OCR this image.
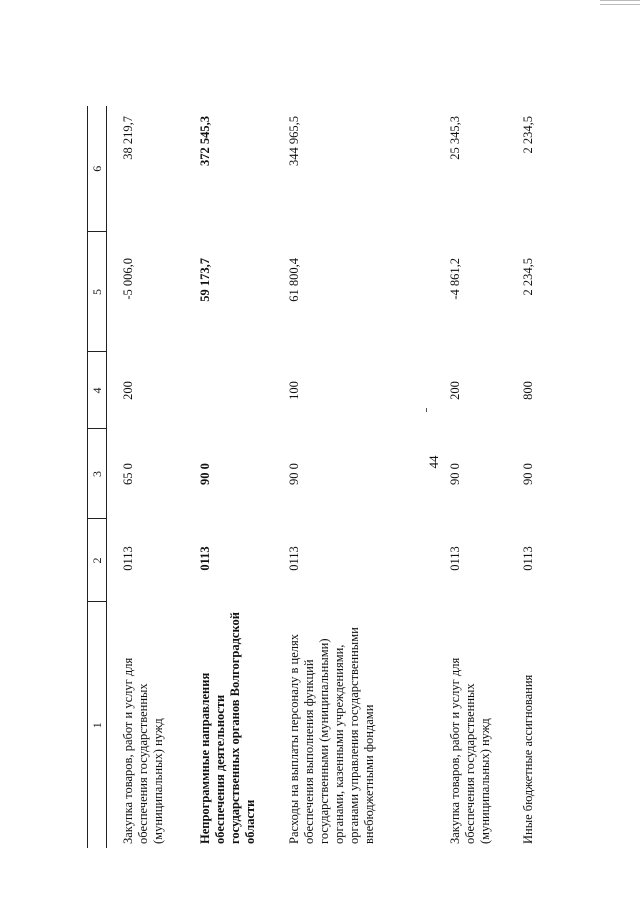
44
1	2	3	4	5	6
Закупка товаров, работ и услуг для обеспечения государственных (муниципальных) нужд	0113	65 0	200	-5 006,0	38 219,7
Непрограммные направления обеспечения деятельности государственных органов Волгоградской области	0113	90 0		59 173,7	372 545,3
Расходы на выплаты персоналу в целях обеспечения выполнения функций государственными (муниципальными) органами, казенными учреждениями, органами управления государственными внебюджетными фондами	0113	90 0	100	61 800,4	344 965,5
Закупка товаров, работ и услуг для обеспечения государственных (муниципальных) нужд	0113	90 0	200	-4 861,2	25 345,3
Иные бюджетные ассигнования	0113	90 0	800	2 234,5	2 234,5
